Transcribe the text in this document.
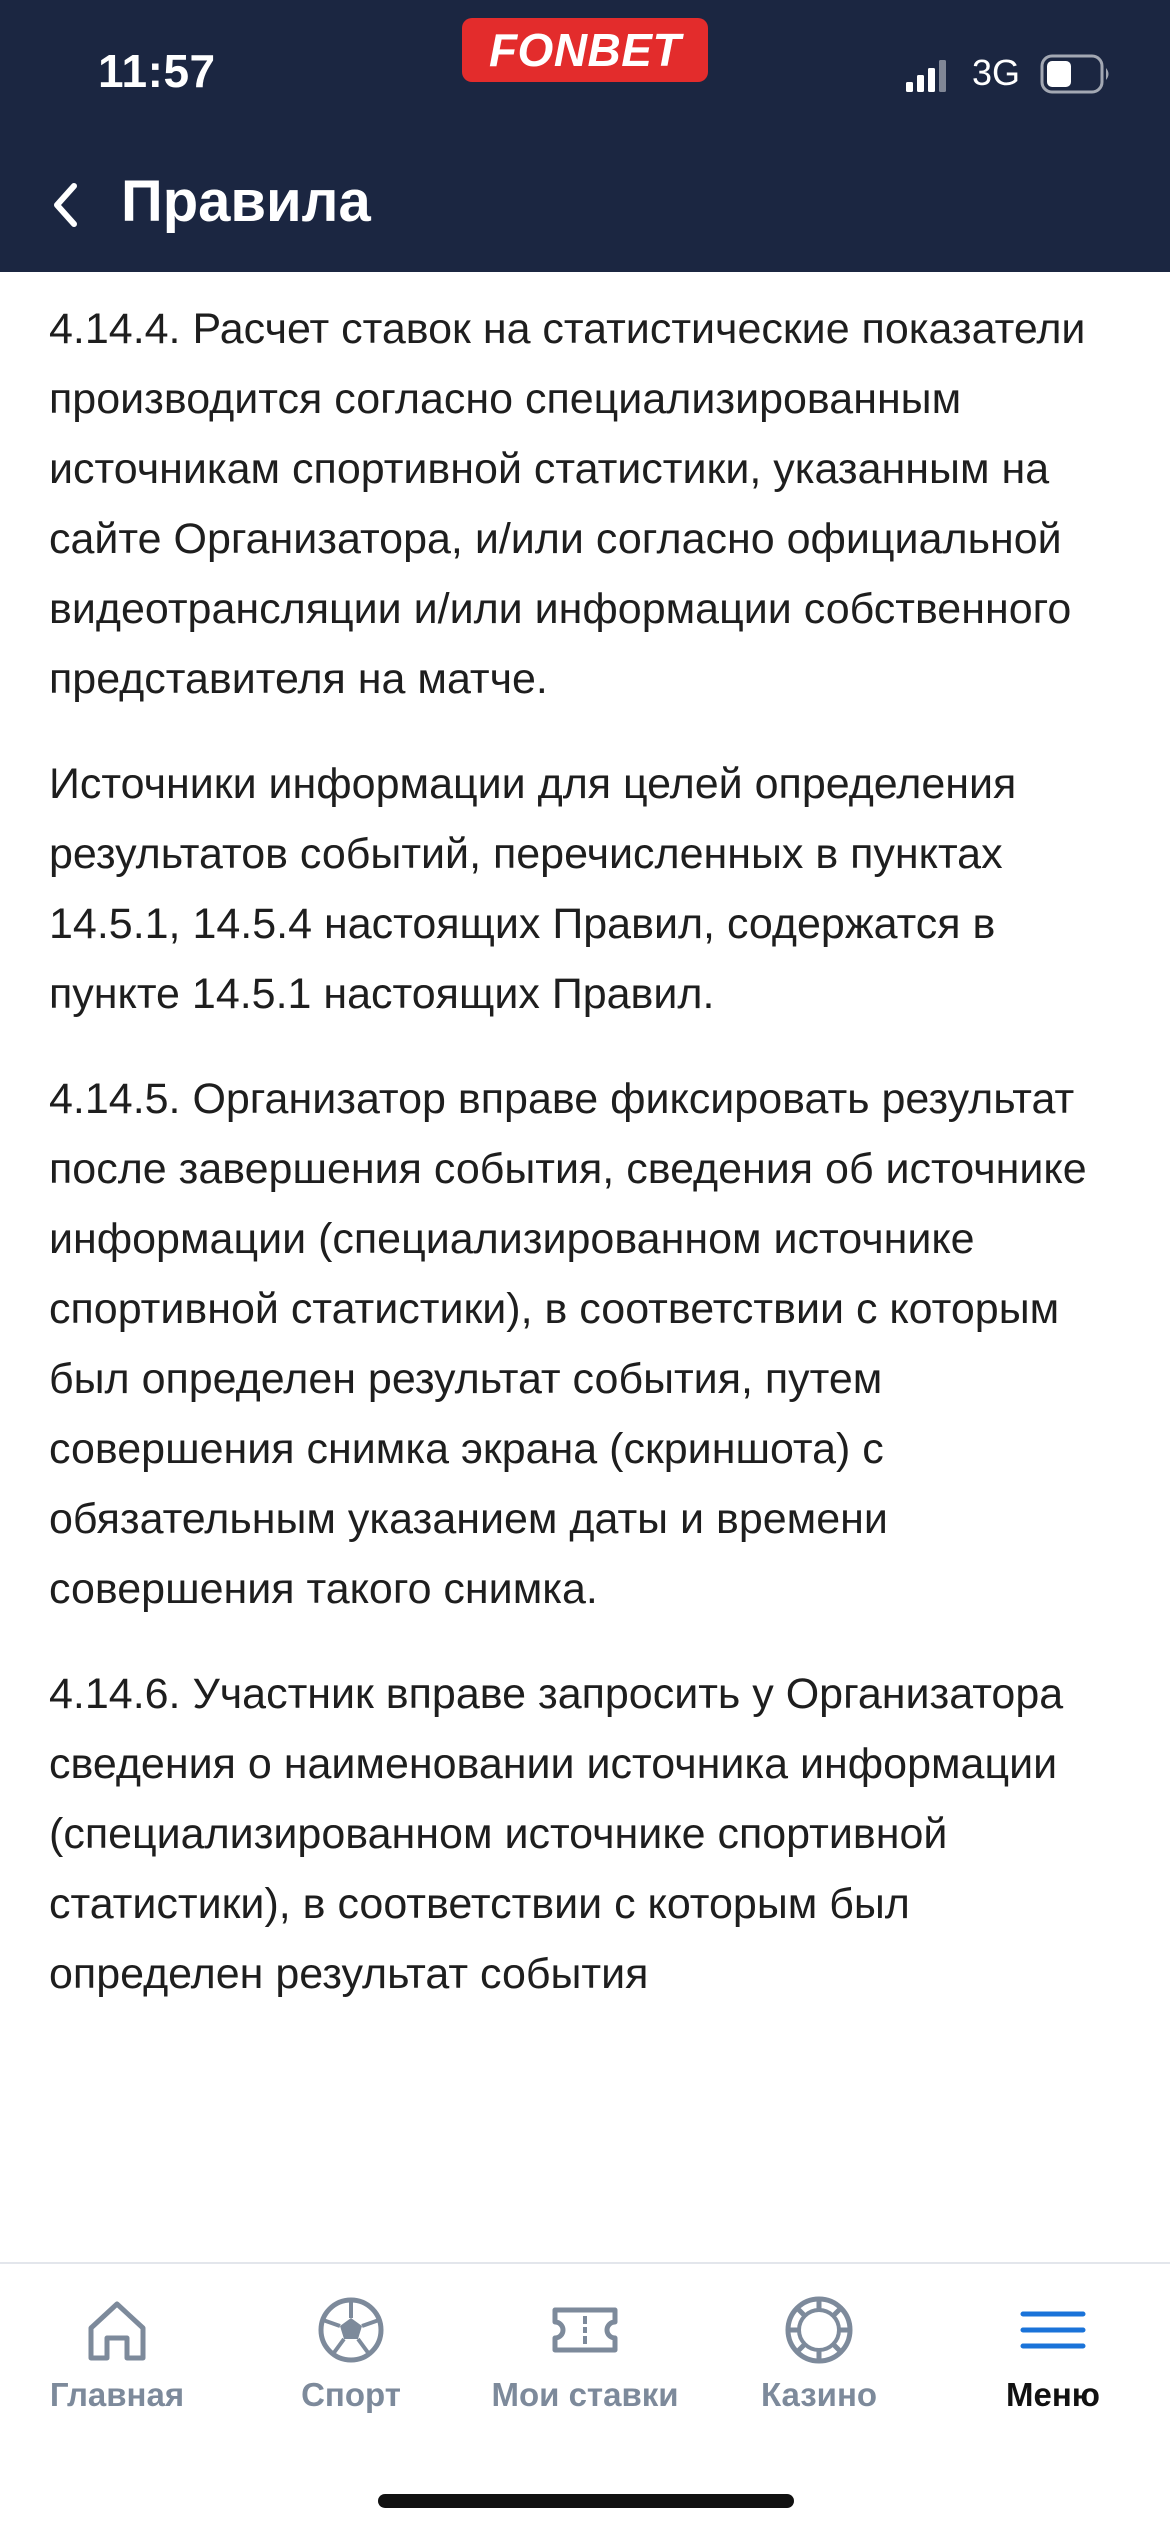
11:57	FONBET	3G
Правила

4.14.4. Расчет ставок на статистические показатели производится согласно специализированным источникам спортивной статистики, указанным на сайте Организатора, и/или согласно официальной видеотрансляции и/или информации собственного представителя на матче.

Источники информации для целей определения результатов событий, перечисленных в пунктах 14.5.1, 14.5.4 настоящих Правил, содержатся в пункте 14.5.1 настоящих Правил.

4.14.5. Организатор вправе фиксировать результат после завершения события, сведения об источнике информации (специализированном источнике спортивной статистики), в соответствии с которым был определен результат события, путем совершения снимка экрана (скриншота) с обязательным указанием даты и времени совершения такого снимка.

4.14.6. Участник вправе запросить у Организатора сведения о наименовании источника информации (специализированном источнике спортивной статистики), в соответствии с которым был определен результат события

Главная	Спорт	Мои ставки Казино	Меню
